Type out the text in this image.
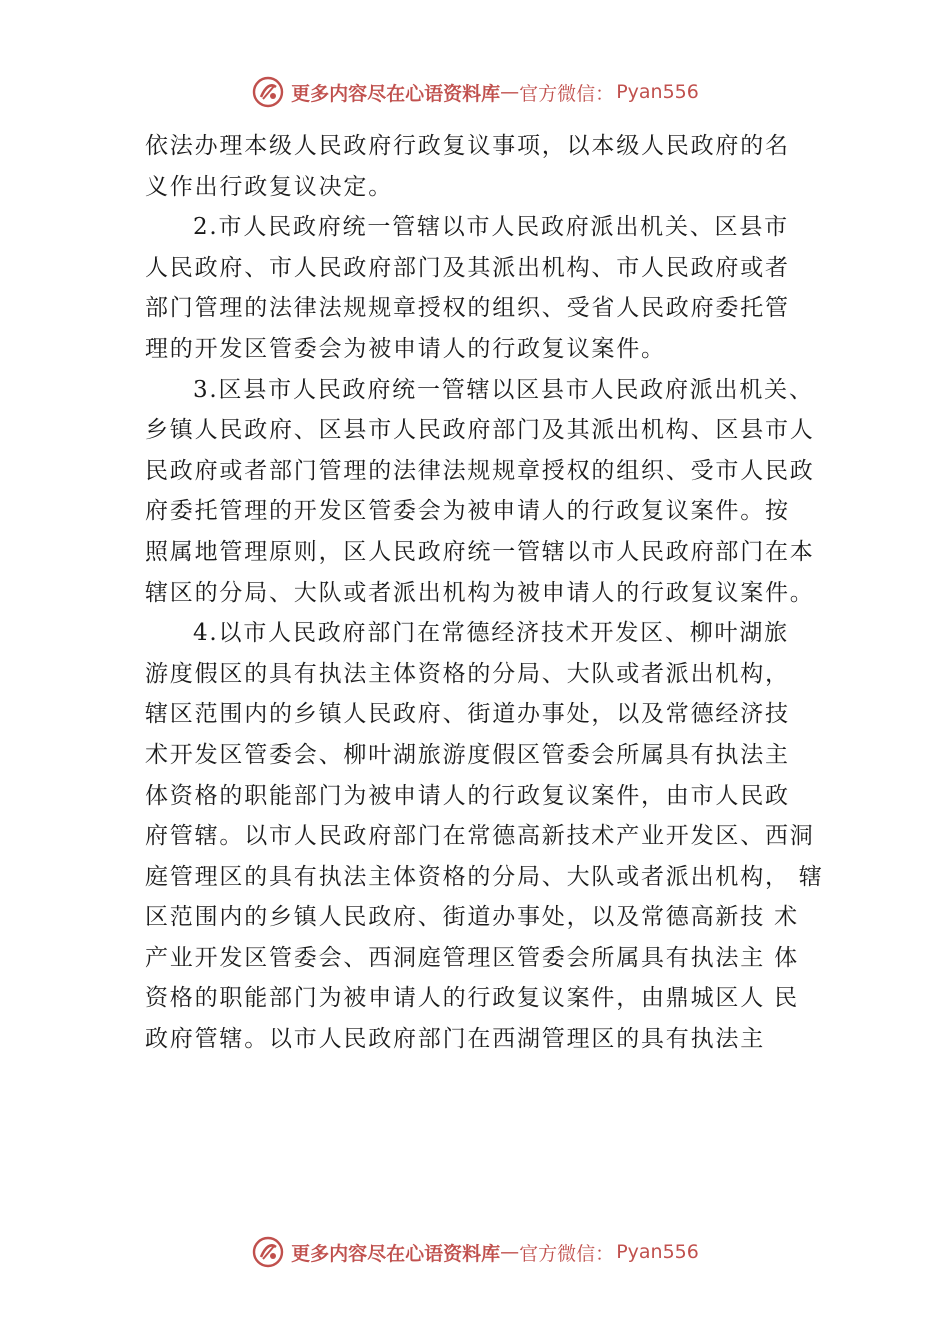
更多内容尽在心语资料库 — 官方微信： Pyan556
依法办理本级人民政府行政复议事项，以本级人民政府的名
义作出行政复议决定。
2.市人民政府统一管辖以市人民政府派出机关、区县市
人民政府、市人民政府部门及其派出机构、市人民政府或者
部门管理的法律法规规章授权的组织、受省人民政府委托管
理的开发区管委会为被申请人的行政复议案件。
3.区县市人民政府统一管辖以区县市人民政府派出机关、
乡镇人民政府、区县市人民政府部门及其派出机构、区县市人
民政府或者部门管理的法律法规规章授权的组织、受市人民政
府委托管理的开发区管委会为被申请人的行政复议案件。按
照属地管理原则，区人民政府统一管辖以市人民政府部门在本
辖区的分局、大队或者派出机构为被申请人的行政复议案件。
4.以市人民政府部门在常德经济技术开发区、柳叶湖旅
游度假区的具有执法主体资格的分局、大队或者派出机构，
辖区范围内的乡镇人民政府、街道办事处，以及常德经济技
术开发区管委会、柳叶湖旅游度假区管委会所属具有执法主
体资格的职能部门为被申请人的行政复议案件，由市人民政
府管辖。以市人民政府部门在常德高新技术产业开发区、西洞
庭管理区的具有执法主体资格的分局、大队或者派出机构， 辖
区范围内的乡镇人民政府、街道办事处，以及常德高新技 术
产业开发区管委会、西洞庭管理区管委会所属具有执法主 体
资格的职能部门为被申请人的行政复议案件，由鼎城区人 民
政府管辖。以市人民政府部门在西湖管理区的具有执法主
更多内容尽在心语资料库 — 官方微信： Pyan556
